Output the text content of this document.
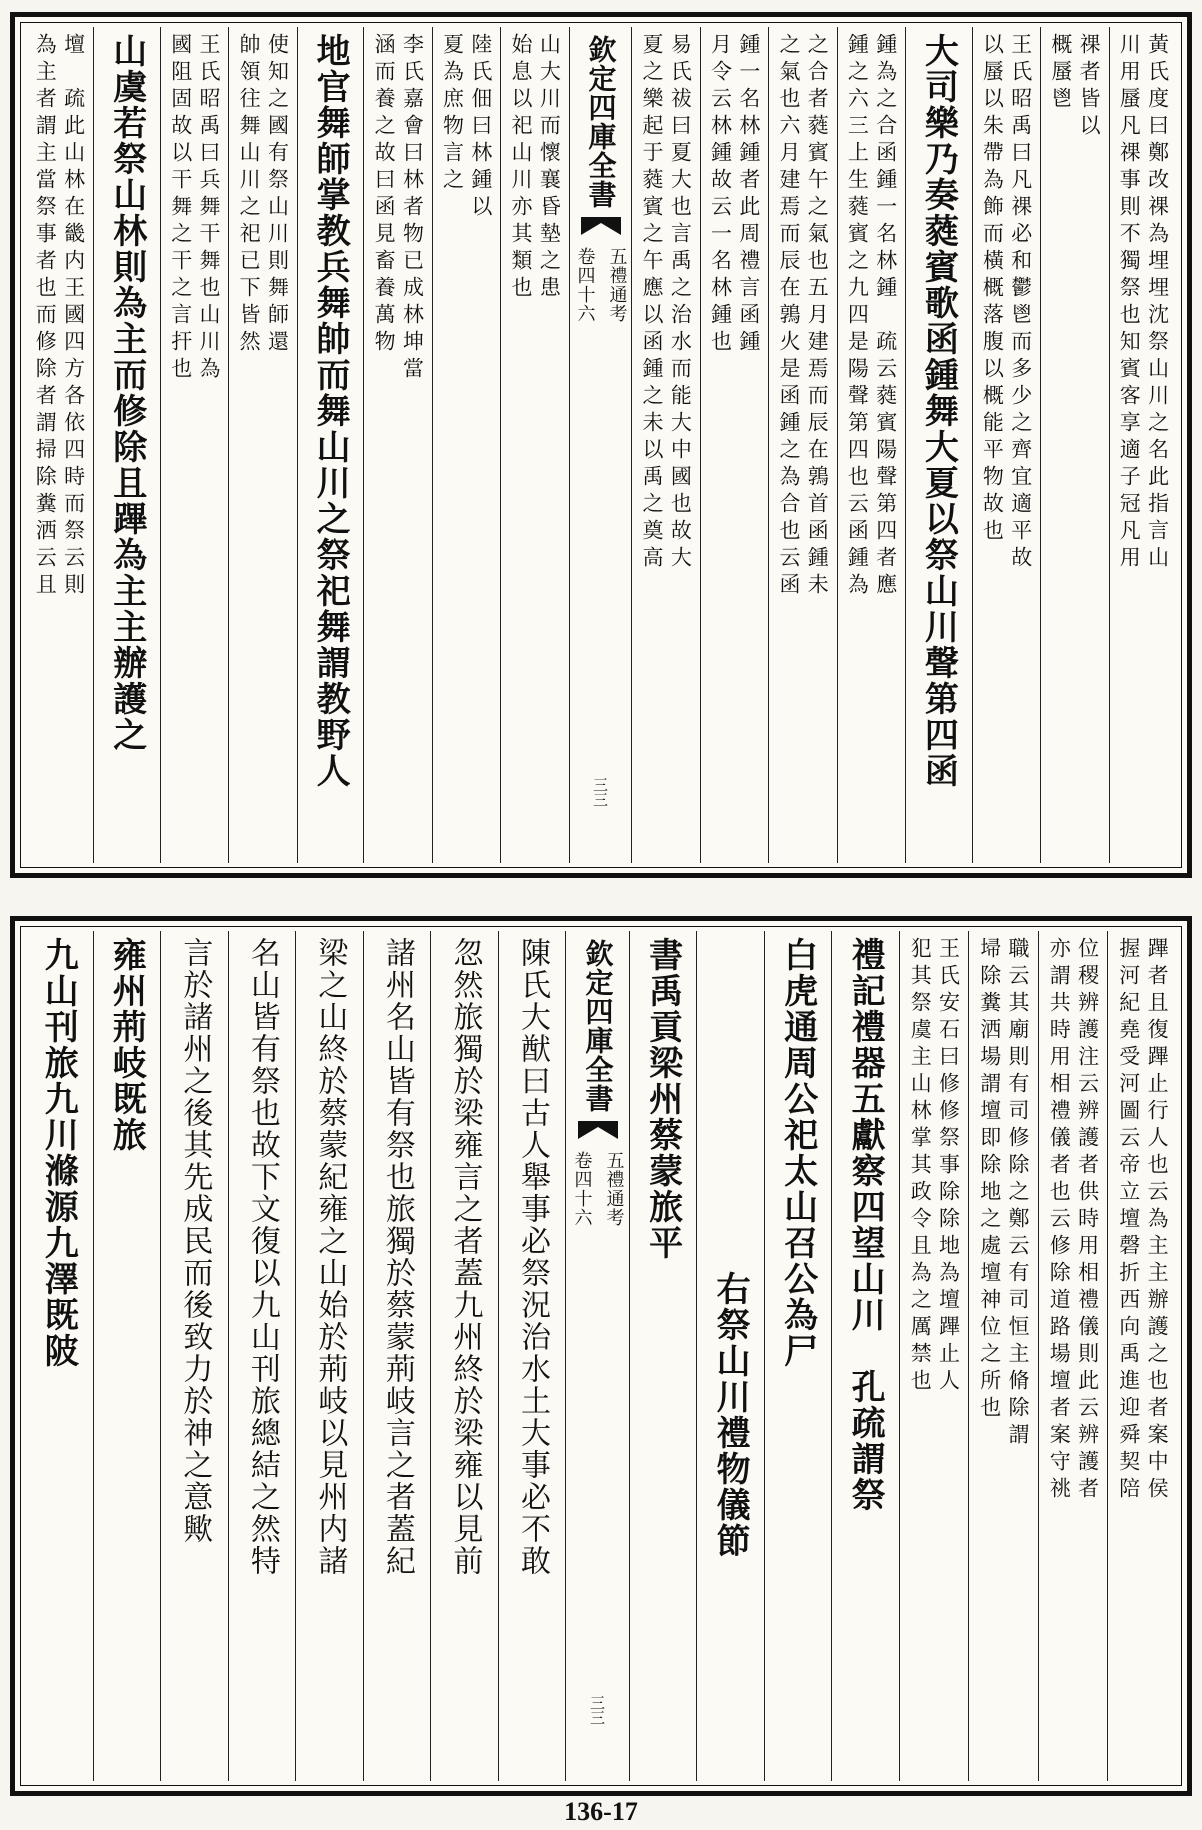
黃氏度曰鄭改祼為埋埋沈祭山川之名此指言山
川用蜃凡祼事則不獨祭也知賓客享適子冠凡用
祼者皆以
概蜃鬯
王氏昭禹曰凡祼必和鬱鬯而多少之齊宜適平故
以蜃以朱帶為飾而橫概落腹以概能平物故也
大司樂乃奏蕤賓歌函鍾舞大夏以祭山川聲第四函
鍾為之合函鍾一名林鍾　疏云蕤賓陽聲第四者應
鍾之六三上生蕤賓之九四是陽聲第四也云函鍾為
之合者蕤賓午之氣也五月建焉而辰在鶉首函鍾未
之氣也六月建焉而辰在鶉火是函鍾之為合也云函
鍾一名林鍾者此周禮言函鍾
月令云林鍾故云一名林鍾也
易氏祓曰夏大也言禹之治水而能大中國也故大
夏之樂起于蕤賓之午應以函鍾之未以禹之奠高
欽定四庫全書
五禮通考
卷四十六
三三
山大川而懷襄昏墊之患
始息以祀山川亦其類也
陸氏佃曰林鍾以
夏為庶物言之
李氏嘉會曰林者物已成林坤當
涵而養之故曰函見畜養萬物
地官舞師掌教兵舞帥而舞山川之祭祀舞謂教野人
使知之國有祭山川則舞師還
帥領往舞山川之祀已下皆然
王氏昭禹曰兵舞干舞也山川為
國阻固故以干舞之干之言扞也
山虞若祭山林則為主而修除且蹕為主主辦護之
壇　疏此山林在畿内王國四方各依四時而祭云則
為主者謂主當祭事者也而修除者謂掃除糞洒云且
蹕者且復蹕止行人也云為主主辦護之也者案中侯
握河紀堯受河圖云帝立壇磬折西向禹進迎舜契陪
位稷辨護注云辨護者供時用相禮儀則此云辨護者
亦謂共時用相禮儀者也云修除道路場壇者案守祧
職云其廟則有司修除之鄭云有司恒主脩除謂
埽除糞洒場謂壇即除地之處壇神位之所也
王氏安石曰修修祭事除除地為壇蹕止人
犯其祭虞主山林掌其政令且為之厲禁也
禮記禮器五獻察四望山川　孔疏謂祭
白虎通周公祀太山召公為尸
右祭山川禮物儀節
書禹貢梁州蔡蒙旅平
欽定四庫全書
五禮通考
卷四十六
三三
陳氏大猷曰古人舉事必祭況治水土大事必不敢
忽然旅獨於梁雍言之者蓋九州終於梁雍以見前
諸州名山皆有祭也旅獨於蔡蒙荊岐言之者蓋紀
梁之山終於蔡蒙紀雍之山始於荊岐以見州内諸
名山皆有祭也故下文復以九山刊旅總結之然特
言於諸州之後其先成民而後致力於神之意歟
雍州荊岐既旅
九山刊旅九川滌源九澤既陂
136-17
